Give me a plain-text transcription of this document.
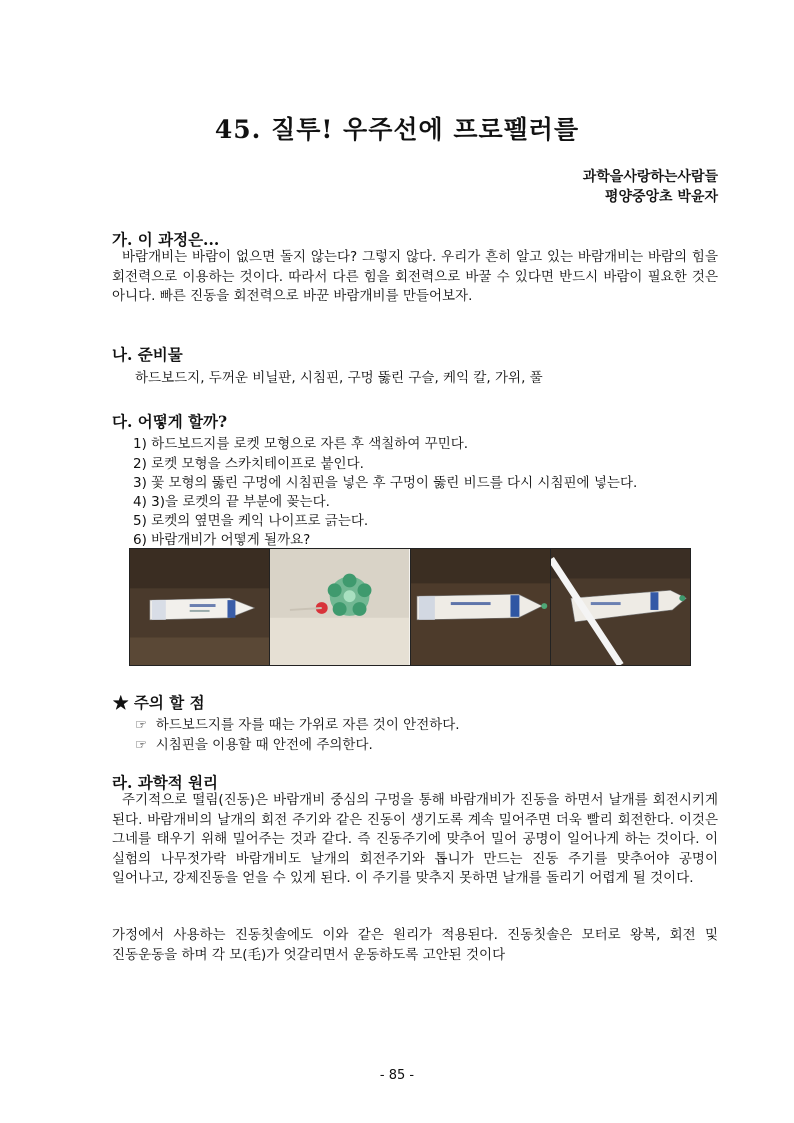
45. 질투! 우주선에 프로펠러를
과학을사랑하는사람들
평양중앙초 박윤자
가. 이 과정은...

바람개비는 바람이 없으면 돌지 않는다? 그렇지 않다. 우리가 흔히 알고 있는 바람개비는 바람의 힘을 회전력으로 이용하는 것이다. 따라서 다른 힘을 회전력으로 바꿀 수 있다면 반드시 바람이 필요한 것은 아니다. 빠른 진동을 회전력으로 바꾼 바람개비를 만들어보자.

나. 준비물
하드보드지, 두꺼운 비닐판, 시침핀, 구멍 뚫린 구슬, 케익 칼, 가위, 풀
다. 어떻게 할까?
1) 하드보드지를 로켓 모형으로 자른 후 색칠하여 꾸민다.
2) 로켓 모형을 스카치테이프로 붙인다.
3) 꽃 모형의 뚫린 구멍에 시침핀을 넣은 후 구멍이 뚫린 비드를 다시 시침핀에 넣는다.
4) 3)을 로켓의 끝 부분에 꽂는다.
5) 로켓의 옆면을 케익 나이프로 긁는다.
6) 바람개비가 어떻게 될까요?
★ 주의 할 점
☞ 하드보드지를 자를 때는 가위로 자른 것이 안전하다.
☞ 시침핀을 이용할 때 안전에 주의한다.
라. 과학적 원리

주기적으로 떨림(진동)은 바람개비 중심의 구멍을 통해 바람개비가 진동을 하면서 날개를 회전시키게 된다. 바람개비의 날개의 회전 주기와 같은 진동이 생기도록 계속 밀어주면 더욱 빨리 회전한다. 이것은 그네를 태우기 위해 밀어주는 것과 같다. 즉 진동주기에 맞추어 밀어 공명이 일어나게 하는 것이다. 이 실험의 나무젓가락 바람개비도 날개의 회전주기와 톱니가 만드는 진동 주기를 맞추어야 공명이 일어나고, 강제진동을 얻을 수 있게 된다. 이 주기를 맞추지 못하면 날개를 돌리기 어렵게 될 것이다.

가정에서 사용하는 진동칫솔에도 이와 같은 원리가 적용된다. 진동칫솔은 모터로 왕복, 회전 및 진동운동을 하며 각 모(毛)가 엇갈리면서 운동하도록 고안된 것이다

- 85 -
